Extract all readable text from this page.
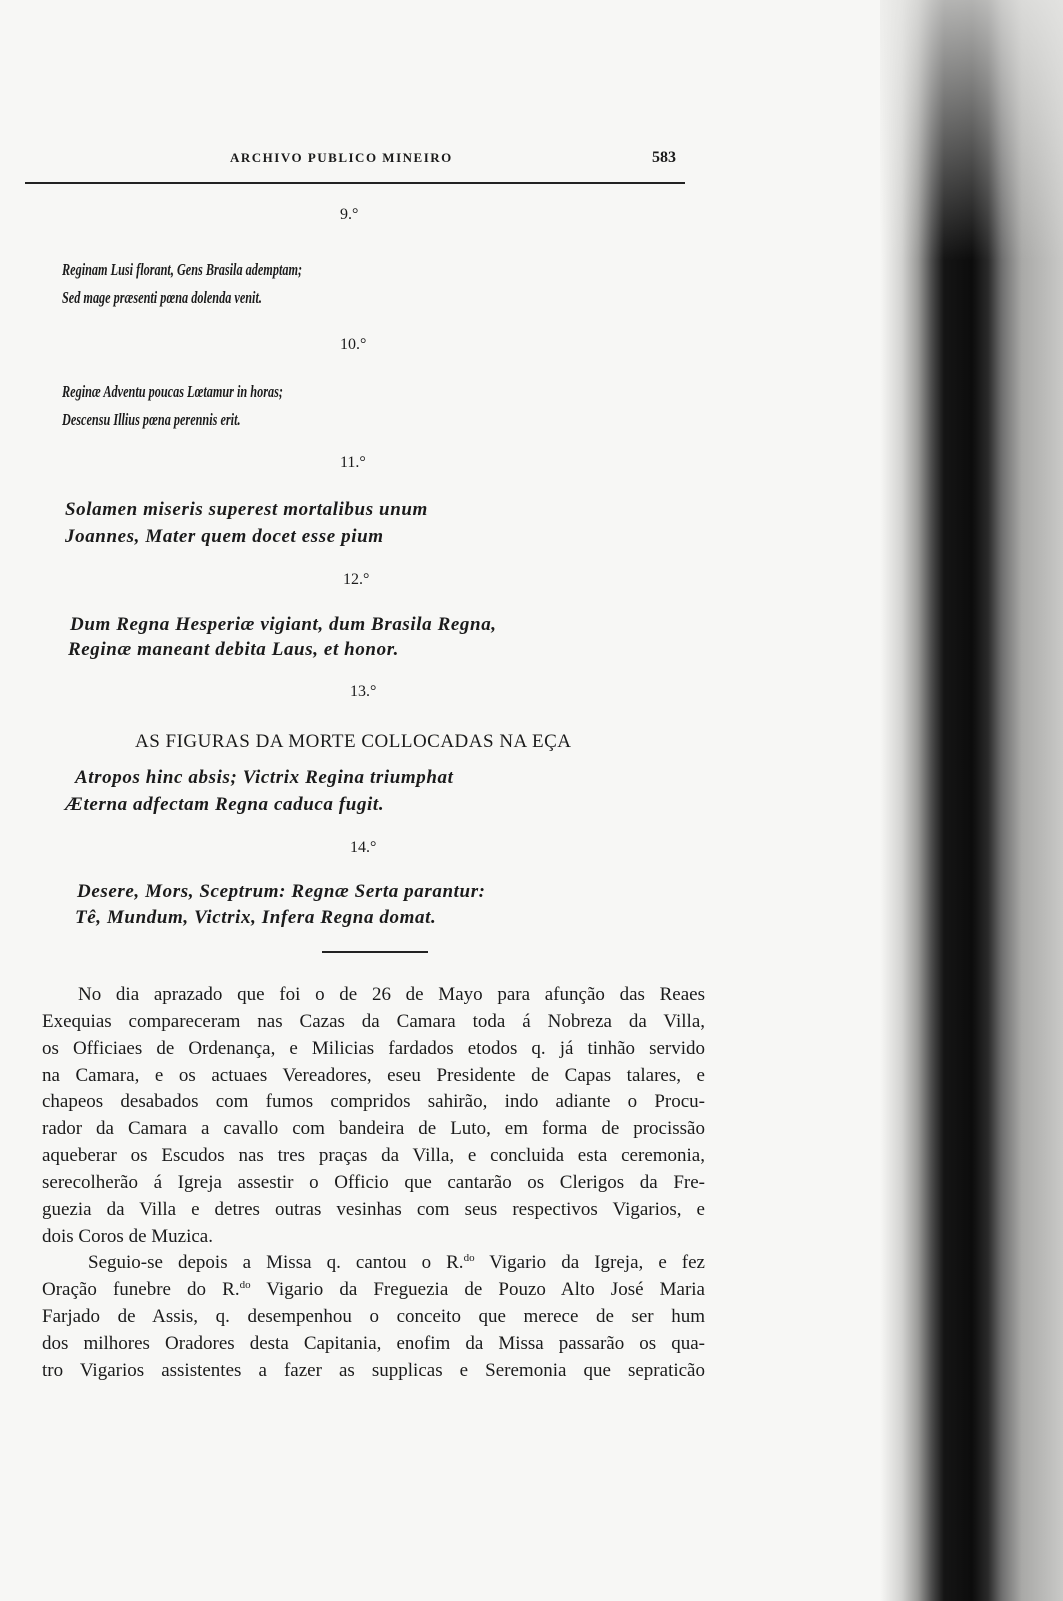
ARCHIVO PUBLICO MINEIRO	583
9.°
Reginam Lusi florant, Gens Brasila ademptam;
Sed mage præsenti pœna dolenda venit.
10.°
Reginæ Adventu poucas Lœtamur in horas;
Descensu Illius pœna perennis erit.
11.°
Solamen miseris superest mortalibus unum
Joannes, Mater quem docet esse pium
12.°
Dum Regna Hesperiæ vigiant, dum Brasila Regna,
Reginæ maneant debita Laus, et honor.
13.°
AS FIGURAS DA MORTE COLLOCADAS NA EÇA
Atropos hinc absis; Victrix Regina triumphat
Æterna adfectam Regna caduca fugit.
14.°
Desere, Mors, Sceptrum: Regnæ Serta parantur:
Tê, Mundum, Victrix, Infera Regna domat.
No dia aprazado que foi o de 26 de Mayo para afunção das Reaes
Exequias compareceram nas Cazas da Camara toda á Nobreza da Villa,
os Officiaes de Ordenança, e Milicias fardados etodos q. já tinhão servido
na Camara, e os actuaes Vereadores, eseu Presidente de Capas talares, e
chapeos desabados com fumos compridos sahirão, indo adiante o Procu-
rador da Camara a cavallo com bandeira de Luto, em forma de procissão
aqueberar os Escudos nas tres praças da Villa, e concluida esta ceremonia,
serecolherão á Igreja assestir o Officio que cantarão os Clerigos da Fre-
guezia da Villa e detres outras vesinhas com seus respectivos Vigarios, e
dois Coros de Muzica.
Seguio-se depois a Missa q. cantou o R.$^{do}$ Vigario da Igreja, e fez
Oração funebre do R.$^{do}$ Vigario da Freguezia de Pouzo Alto José Maria
Farjado de Assis, q. desempenhou o conceito que merece de ser hum
dos milhores Oradores desta Capitania, enofim da Missa passarão os qua-
tro Vigarios assistentes a fazer as supplicas e Seremonia que sepraticão
